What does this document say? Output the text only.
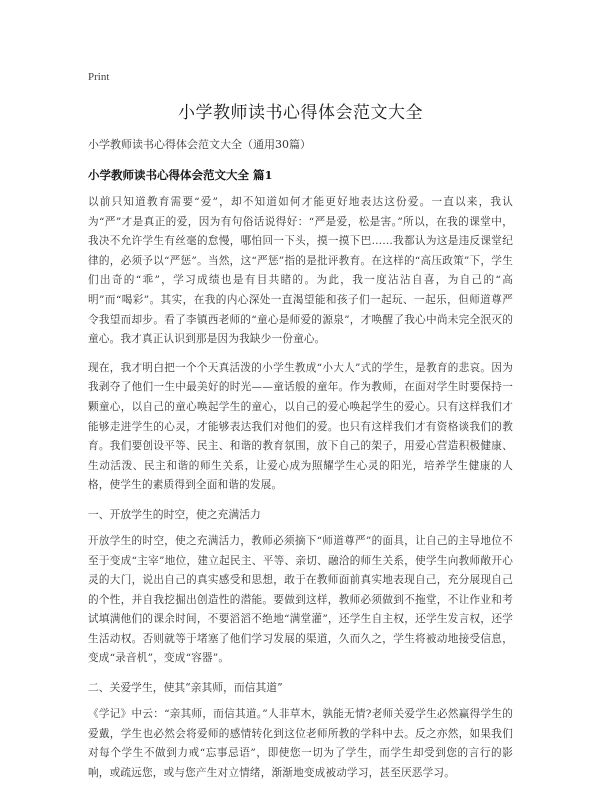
Print
小学教师读书心得体会范文大全
小学教师读书心得体会范文大全（通用30篇）
小学教师读书心得体会范文大全 篇1

以前只知道教育需要“爱”，却不知道如何才能更好地表达这份爱。一直以来，我认为“严”才是真正的爱，因为有句俗话说得好：“严是爱，松是害。”所以，在我的课堂中，我决不允许学生有丝毫的怠慢，哪怕回一下头，摸一摸下巴……我都认为这是违反课堂纪律的，必须予以“严惩”。当然，这“严惩”指的是批评教育。在这样的“高压政策”下，学生们出奇的“乖”，学习成绩也是有目共睹的。为此，我一度沾沾自喜，为自己的“高明”而“喝彩”。其实，在我的内心深处一直渴望能和孩子们一起玩、一起乐，但师道尊严令我望而却步。看了李镇西老师的“童心是师爱的源泉”，才唤醒了我心中尚未完全泯灭的童心。我才真正认识到那是因为我缺少一份童心。

现在，我才明白把一个个天真活泼的小学生教成“小大人”式的学生，是教育的悲哀。因为我剥夺了他们一生中最美好的时光——童话般的童年。作为教师，在面对学生时要保持一颗童心，以自己的童心唤起学生的童心，以自己的爱心唤起学生的爱心。只有这样我们才能够走进学生的心灵，才能够表达我们对他们的爱。也只有这样我们才有资格谈我们的教育。我们要创设平等、民主、和谐的教育氛围，放下自己的架子，用爱心营造积极健康、生动活泼、民主和谐的师生关系，让爱心成为照耀学生心灵的阳光，培养学生健康的人格，使学生的素质得到全面和谐的发展。

一、开放学生的时空，使之充满活力

开放学生的时空，使之充满活力，教师必须摘下“师道尊严”的面具，让自己的主导地位不至于变成“主宰”地位，建立起民主、平等、亲切、融洽的师生关系，使学生向教师敞开心灵的大门，说出自己的真实感受和思想，敢于在教师面前真实地表现自己，充分展现自己的个性，并自我挖掘出创造性的潜能。要做到这样，教师必须做到不拖堂，不让作业和考试填满他们的课余时间，不要滔滔不绝地“满堂灌”，还学生自主权，还学生发言权，还学生活动权。否则就等于堵塞了他们学习发展的渠道，久而久之，学生将被动地接受信息，变成“录音机”，变成“容器”。

二、关爱学生，使其“亲其师，而信其道”

《学记》中云：“亲其师，而信其道。”人非草木，孰能无情?老师关爱学生必然赢得学生的爱戴，学生也必然会将爱师的感情转化到这位老师所教的学科中去。反之亦然，如果我们对每个学生不做到力戒“忘事忌语”，即使您一切为了学生，而学生却受到您的言行的影响，或疏远您，或与您产生对立情绪，渐渐地变成被动学习，甚至厌恶学习。
